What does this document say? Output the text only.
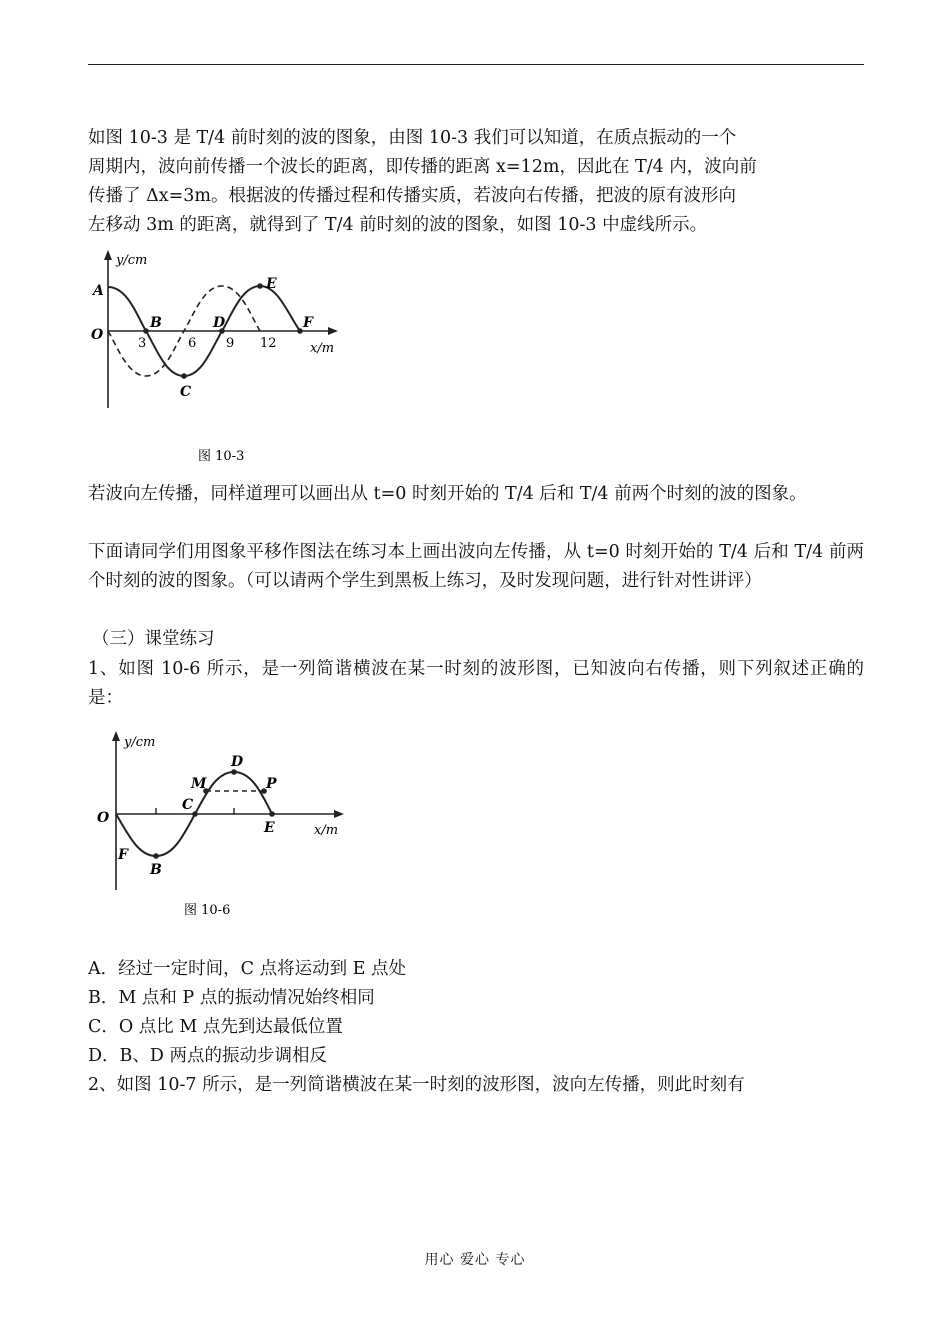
如图 10-3 是 T/4 前时刻的波的图象，由图 10-3 我们可以知道，在质点振动的一个

周期内，波向前传播一个波长的距离，即传播的距离 x=12m，因此在 T/4 内，波向前

传播了 Δx=3m。根据波的传播过程和传播实质，若波向右传播，把波的原有波形向

左移动 3m 的距离，就得到了 T/4 前时刻的波的图象，如图 10-3 中虚线所示。

y/cm
x/m
O
A
B
C
D
E
F
3	6 9 12
图 10-3

若波向左传播，同样道理可以画出从 t=0 时刻开始的 T/4 后和 T/4 前两个时刻的波的图象。

下面请同学们用图象平移作图法在练习本上画出波向左传播，从 t=0 时刻开始的 T/4 后和 T/4 前两个时刻的波的图象。（可以请两个学生到黑板上练习，及时发现问题，进行针对性讲评）

（三）课堂练习

1、如图 10-6 所示，是一列简谐横波在某一时刻的波形图，已知波向右传播，则下列叙述正确的是：

y/cm
x/m
O
F
B
C
M
D
P
E
图 10-6

A．经过一定时间，C 点将运动到 E 点处

B．M 点和 P 点的振动情况始终相同

C．O 点比 M 点先到达最低位置

D．B、D 两点的振动步调相反

2、如图 10-7 所示，是一列简谐横波在某一时刻的波形图，波向左传播，则此时刻有

用心 爱心 专心
